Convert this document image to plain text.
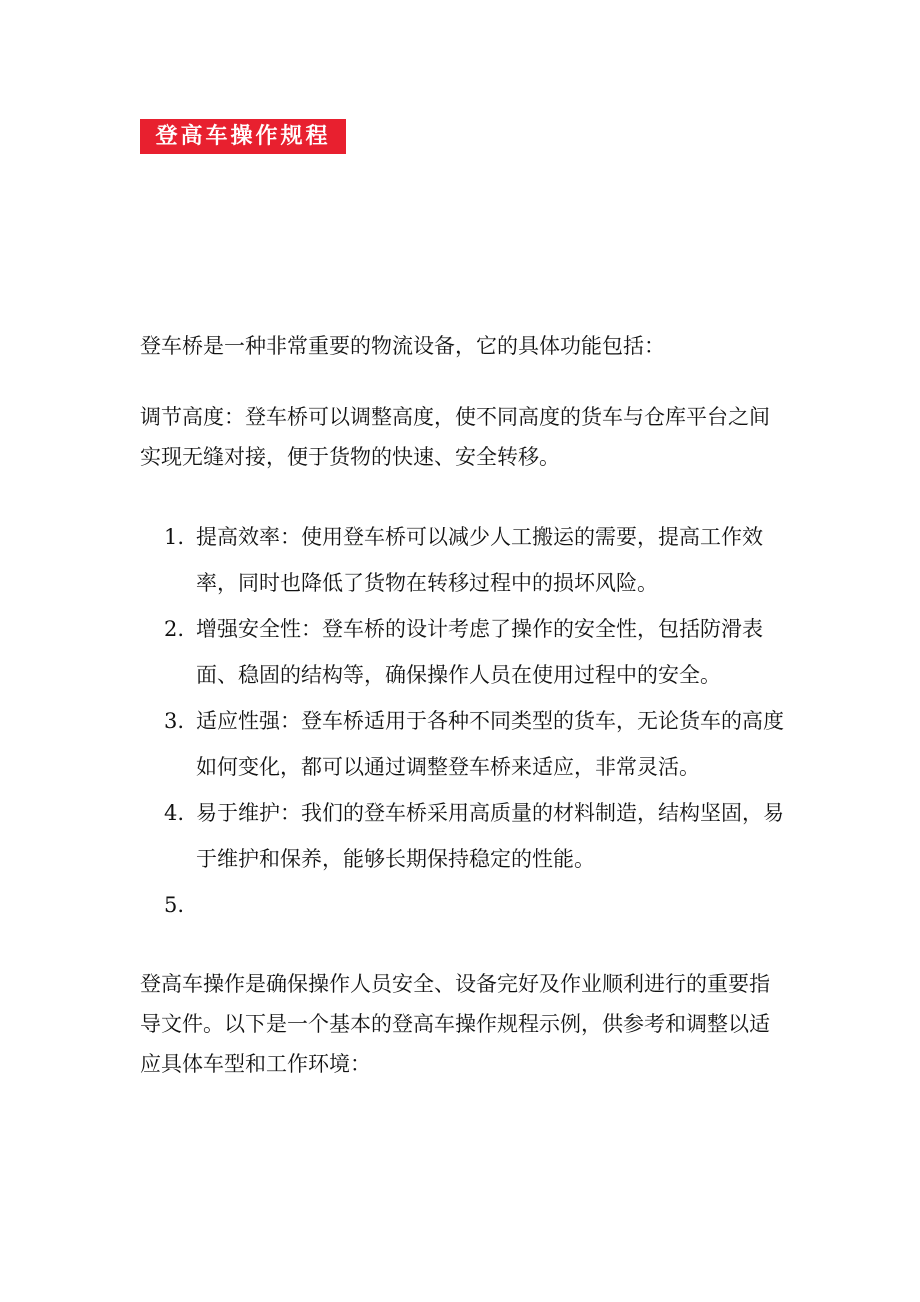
登高车操作规程

登车桥是一种非常重要的物流设备，它的具体功能包括：

调节高度：登车桥可以调整高度，使不同高度的货车与仓库平台之间实现无缝对接，便于货物的快速、安全转移。

1. 提高效率：使用登车桥可以减少人工搬运的需要，提高工作效率，同时也降低了货物在转移过程中的损坏风险。
2. 增强安全性：登车桥的设计考虑了操作的安全性，包括防滑表面、稳固的结构等，确保操作人员在使用过程中的安全。
3. 适应性强：登车桥适用于各种不同类型的货车，无论货车的高度如何变化，都可以通过调整登车桥来适应，非常灵活。
4. 易于维护：我们的登车桥采用高质量的材料制造，结构坚固，易于维护和保养，能够长期保持稳定的性能。
5.

登高车操作是确保操作人员安全、设备完好及作业顺利进行的重要指导文件。以下是一个基本的登高车操作规程示例，供参考和调整以适应具体车型和工作环境：
